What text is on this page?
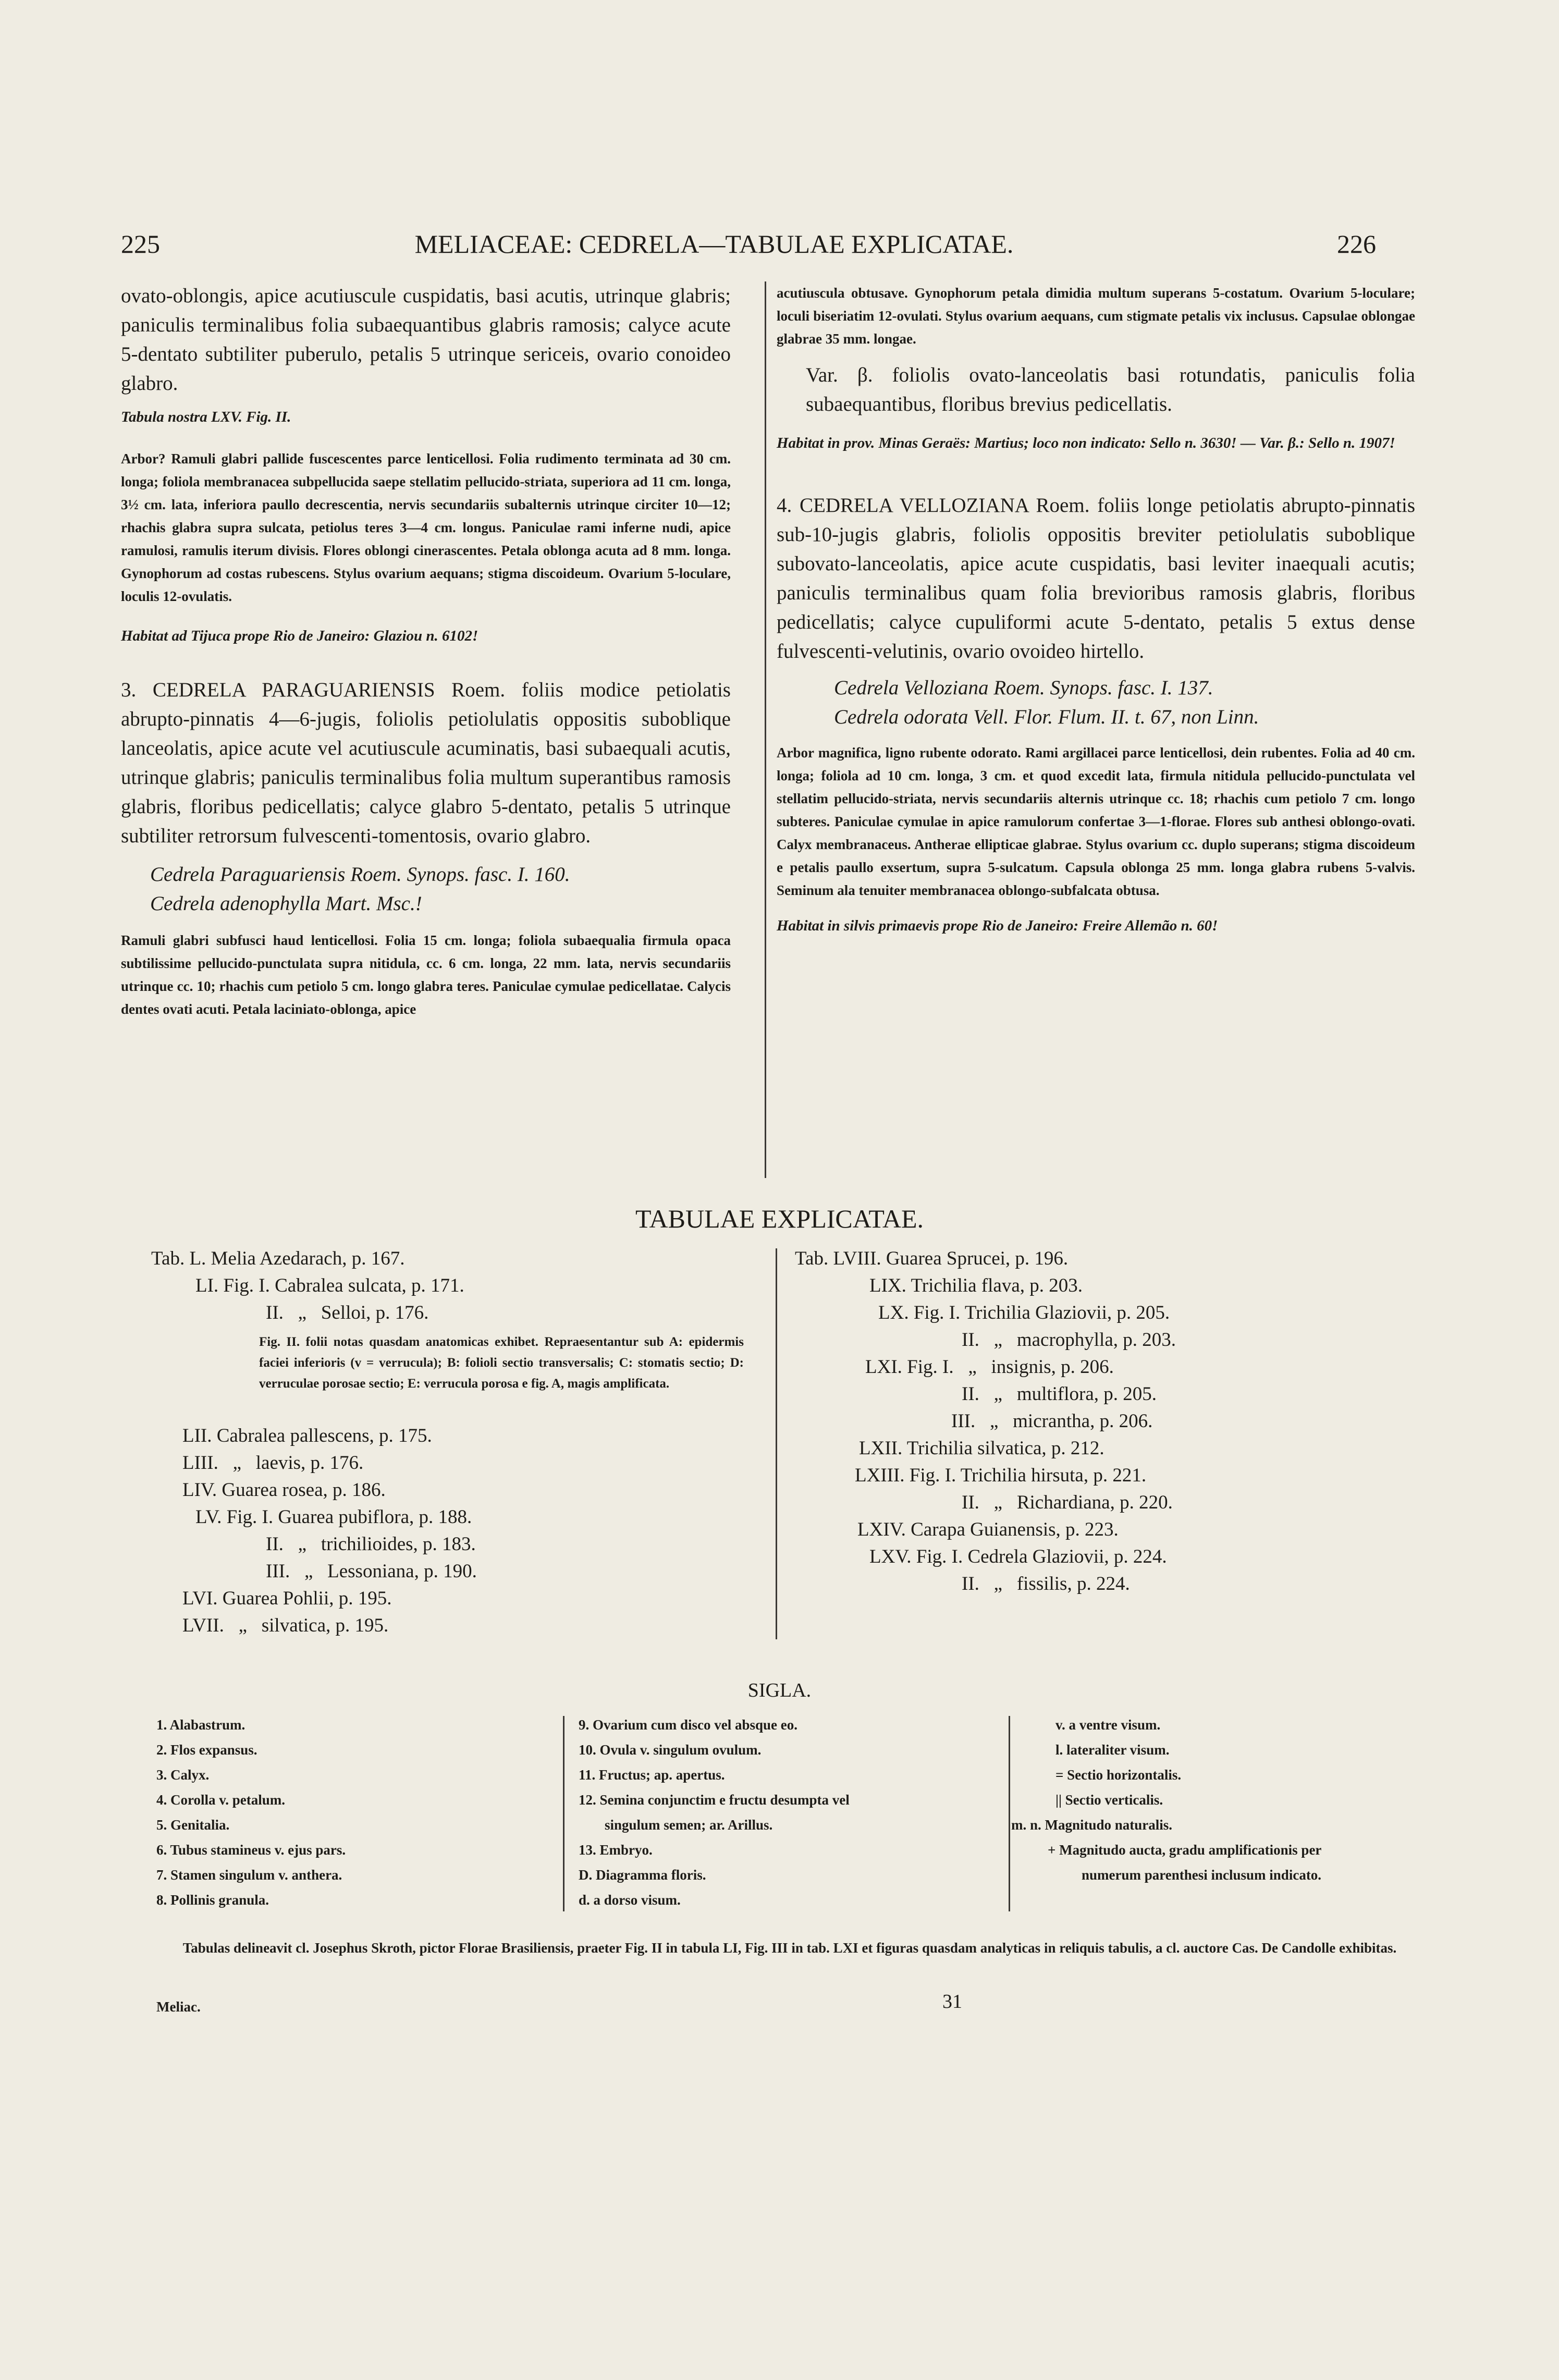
225	MELIACEAE: CEDRELA—TABULAE EXPLICATAE.	226

ovato-oblongis, apice acutiuscule cuspidatis, basi acutis, utrinque glabris; paniculis terminalibus folia subaequantibus glabris ramosis; calyce acute 5-dentato subtiliter puberulo, petalis 5 utrinque sericeis, ovario conoideo glabro.

Tabula nostra LXV. Fig. II.

Arbor? Ramuli glabri pallide fuscescentes parce lenticellosi. Folia rudimento terminata ad 30 cm. longa; foliola membranacea subpellucida saepe stellatim pellucido-striata, superiora ad 11 cm. longa, 3½ cm. lata, inferiora paullo decrescentia, nervis secundariis subalternis utrinque circiter 10—12; rhachis glabra supra sulcata, petiolus teres 3—4 cm. longus. Paniculae rami inferne nudi, apice ramulosi, ramulis iterum divisis. Flores oblongi cinerascentes. Petala oblonga acuta ad 8 mm. longa. Gynophorum ad costas rubescens. Stylus ovarium aequans; stigma discoideum. Ovarium 5-loculare, loculis 12-ovulatis.

Habitat ad Tijuca prope Rio de Janeiro: Glaziou n. 6102!

3. CEDRELA PARAGUARIENSIS Roem. foliis modice petiolatis abrupto-pinnatis 4—6-jugis, foliolis petiolulatis oppositis suboblique lanceolatis, apice acute vel acutiuscule acuminatis, basi subaequali acutis, utrinque glabris; paniculis terminalibus folia multum superantibus ramosis glabris, floribus pedicellatis; calyce glabro 5-dentato, petalis 5 utrinque subtiliter retrorsum fulvescenti-tomentosis, ovario glabro.

Cedrela Paraguariensis Roem. Synops. fasc. I. 160.

Cedrela adenophylla Mart. Msc.!

Ramuli glabri subfusci haud lenticellosi. Folia 15 cm. longa; foliola subaequalia firmula opaca subtilissime pellucido-punctulata supra nitidula, cc. 6 cm. longa, 22 mm. lata, nervis secundariis utrinque cc. 10; rhachis cum petiolo 5 cm. longo glabra teres. Paniculae cymulae pedicellatae. Calycis dentes ovati acuti. Petala laciniato-oblonga, apice

acutiuscula obtusave. Gynophorum petala dimidia multum superans 5-costatum. Ovarium 5-loculare; loculi biseriatim 12-ovulati. Stylus ovarium aequans, cum stigmate petalis vix inclusus. Capsulae oblongae glabrae 35 mm. longae.

Var. β. foliolis ovato-lanceolatis basi rotundatis, paniculis folia subaequantibus, floribus brevius pedicellatis.

Habitat in prov. Minas Geraës: Martius; loco non indicato: Sello n. 3630! — Var. β.: Sello n. 1907!

4. CEDRELA VELLOZIANA Roem. foliis longe petiolatis abrupto-pinnatis sub-10-jugis glabris, foliolis oppositis breviter petiolulatis suboblique subovato-lanceolatis, apice acute cuspidatis, basi leviter inaequali acutis; paniculis terminalibus quam folia brevioribus ramosis glabris, floribus pedicellatis; calyce cupuliformi acute 5-dentato, petalis 5 extus dense fulvescenti-velutinis, ovario ovoideo hirtello.

Cedrela Velloziana Roem. Synops. fasc. I. 137.

Cedrela odorata Vell. Flor. Flum. II. t. 67, non Linn.

Arbor magnifica, ligno rubente odorato. Rami argillacei parce lenticellosi, dein rubentes. Folia ad 40 cm. longa; foliola ad 10 cm. longa, 3 cm. et quod excedit lata, firmula nitidula pellucido-punctulata vel stellatim pellucido-striata, nervis secundariis alternis utrinque cc. 18; rhachis cum petiolo 7 cm. longo subteres. Paniculae cymulae in apice ramulorum confertae 3—1-florae. Flores sub anthesi oblongo-ovati. Calyx membranaceus. Antherae ellipticae glabrae. Stylus ovarium cc. duplo superans; stigma discoideum e petalis paullo exsertum, supra 5-sulcatum. Capsula oblonga 25 mm. longa glabra rubens 5-valvis. Seminum ala tenuiter membranacea oblongo-subfalcata obtusa.

Habitat in silvis primaevis prope Rio de Janeiro: Freire Allemão n. 60!

TABULAE EXPLICATAE.
Tab. L. Melia Azedarach, p. 167.
LI. Fig. I. Cabralea sulcata, p. 171.
II.   „   Selloi, p. 176.
Fig. II. folii notas quasdam anatomicas exhibet. Repraesentantur sub A: epidermis faciei inferioris (v = verrucula); B: folioli sectio transversalis; C: stomatis sectio; D: verruculae porosae sectio; E: verrucula porosa e fig. A, magis amplificata.
LII. Cabralea pallescens, p. 175.
LIII.   „   laevis, p. 176.
LIV. Guarea rosea, p. 186.
LV. Fig. I. Guarea pubiflora, p. 188.
II.   „   trichilioides, p. 183.
III.   „   Lessoniana, p. 190.
LVI. Guarea Pohlii, p. 195.
LVII.   „   silvatica, p. 195.
Tab. LVIII. Guarea Sprucei, p. 196.
LIX. Trichilia flava, p. 203.
LX. Fig. I. Trichilia Glaziovii, p. 205.
II.   „   macrophylla, p. 203.
LXI. Fig. I.   „   insignis, p. 206.
II.   „   multiflora, p. 205.
III.   „   micrantha, p. 206.
LXII. Trichilia silvatica, p. 212.
LXIII. Fig. I. Trichilia hirsuta, p. 221.
II.   „   Richardiana, p. 220.
LXIV. Carapa Guianensis, p. 223.
LXV. Fig. I. Cedrela Glaziovii, p. 224.
II.   „   fissilis, p. 224.
SIGLA.
1. Alabastrum.
2. Flos expansus.
3. Calyx.
4. Corolla v. petalum.
5. Genitalia.
6. Tubus stamineus v. ejus pars.
7. Stamen singulum v. anthera.
8. Pollinis granula.
9. Ovarium cum disco vel absque eo.
10. Ovula v. singulum ovulum.
11. Fructus; ap. apertus.
12. Semina conjunctim e fructu desumpta vel
singulum semen; ar. Arillus.
13. Embryo.
D. Diagramma floris.
d. a dorso visum.
v. a ventre visum.
l. lateraliter visum.
= Sectio horizontalis.
|| Sectio verticalis.
m. n. Magnitudo naturalis.
+ Magnitudo aucta, gradu amplificationis per
numerum parenthesi inclusum indicato.
Tabulas delineavit cl. Josephus Skroth, pictor Florae Brasiliensis, praeter Fig. II in tabula LI, Fig. III in tab. LXI et figuras quasdam analyticas in reliquis tabulis, a cl. auctore Cas. De Candolle exhibitas.
Meliac.	31
